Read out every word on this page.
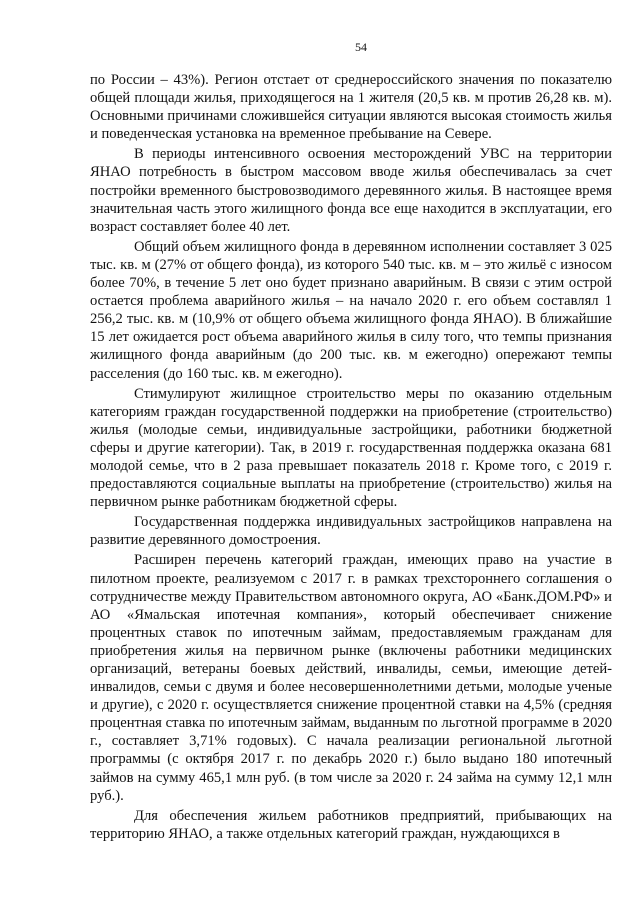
54

по России – 43%). Регион отстает от среднероссийского значения по показателю общей площади жилья, приходящегося на 1 жителя (20,5 кв. м против 26,28 кв. м). Основными причинами сложившейся ситуации являются высокая стоимость жилья и поведенческая установка на временное пребывание на Севере.

В периоды интенсивного освоения месторождений УВС на территории ЯНАО потребность в быстром массовом вводе жилья обеспечивалась за счет постройки временного быстровозводимого деревянного жилья. В настоящее время значительная часть этого жилищного фонда все еще находится в эксплуатации, его возраст составляет более 40 лет.

Общий объем жилищного фонда в деревянном исполнении составляет 3 025 тыс. кв. м (27% от общего фонда), из которого 540 тыс. кв. м – это жильё с износом более 70%, в течение 5 лет оно будет признано аварийным. В связи с этим острой остается проблема аварийного жилья – на начало 2020 г. его объем составлял 1 256,2 тыс. кв. м (10,9% от общего объема жилищного фонда ЯНАО). В ближайшие 15 лет ожидается рост объема аварийного жилья в силу того, что темпы признания жилищного фонда аварийным (до 200 тыс. кв. м ежегодно) опережают темпы расселения (до 160 тыс. кв. м ежегодно).

Стимулируют жилищное строительство меры по оказанию отдельным категориям граждан государственной поддержки на приобретение (строительство) жилья (молодые семьи, индивидуальные застройщики, работники бюджетной сферы и другие категории). Так, в 2019 г. государственная поддержка оказана 681 молодой семье, что в 2 раза превышает показатель 2018 г. Кроме того, с 2019 г. предоставляются социальные выплаты на приобретение (строительство) жилья на первичном рынке работникам бюджетной сферы.

Государственная поддержка индивидуальных застройщиков направлена на развитие деревянного домостроения.

Расширен перечень категорий граждан, имеющих право на участие в пилотном проекте, реализуемом с 2017 г. в рамках трехстороннего соглашения о сотрудничестве между Правительством автономного округа, АО «Банк.ДОМ.РФ» и АО «Ямальская ипотечная компания», который обеспечивает снижение процентных ставок по ипотечным займам, предоставляемым гражданам для приобретения жилья на первичном рынке (включены работники медицинских организаций, ветераны боевых действий, инвалиды, семьи, имеющие детей-инвалидов, семьи с двумя и более несовершеннолетними детьми, молодые ученые и другие), с 2020 г. осуществляется снижение процентной ставки на 4,5% (средняя процентная ставка по ипотечным займам, выданным по льготной программе в 2020 г., составляет 3,71% годовых). С начала реализации региональной льготной программы (с октября 2017 г. по декабрь 2020 г.) было выдано 180 ипотечный займов на сумму 465,1 млн руб. (в том числе за 2020 г. 24 займа на сумму 12,1 млн руб.).

Для обеспечения жильем работников предприятий, прибывающих на территорию ЯНАО, а также отдельных категорий граждан, нуждающихся в
